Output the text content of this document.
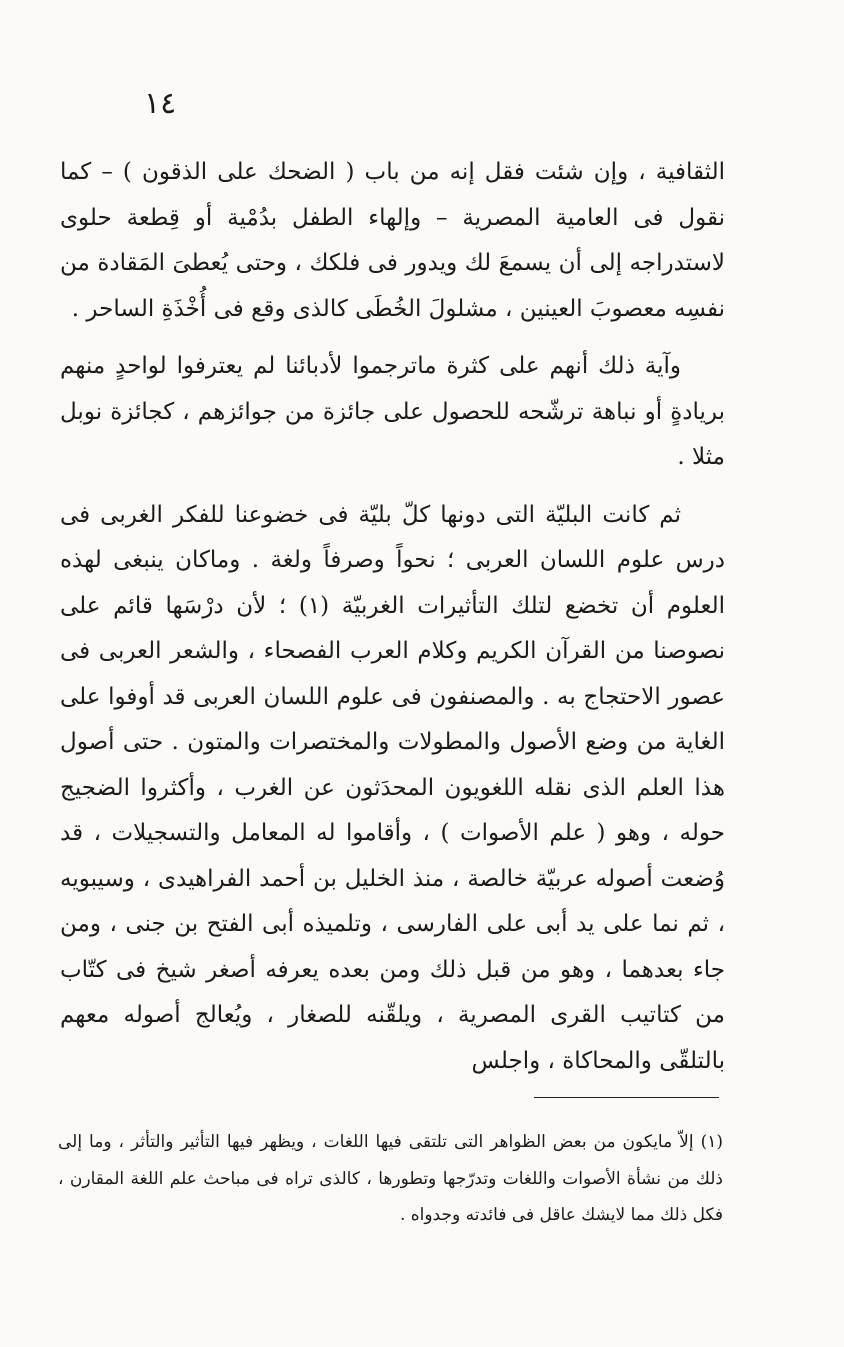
١٤

الثقافية ، وإن شئت فقل إنه من باب ( الضحك على الذقون ) – كما نقول فى العامية المصرية – وإلهاء الطفل بدُمْية أو قِطعة حلوى لاستدراجه إلى أن يسمعَ لك ويدور فى فلكك ، وحتى يُعطىَ المَقادة من نفسِه معصوبَ العينين ، مشلولَ الخُطَى كالذى وقع فى أُخْذَةِ الساحر .

وآية ذلك أنهم على كثرة ماترجموا لأدبائنا لم يعترفوا لواحدٍ منهم بريادةٍ أو نباهة ترشّحه للحصول على جائزة من جوائزهم ، كجائزة نوبل مثلا .

ثم كانت البليّة التى دونها كلّ بليّة فى خضوعنا للفكر الغربى فى درس علوم اللسان العربى ؛ نحواً وصرفاً ولغة . وماكان ينبغى لهذه العلوم أن تخضع لتلك التأثيرات الغربيّة (١) ؛ لأن درْسَها قائم على نصوصنا من القرآن الكريم وكلام العرب الفصحاء ، والشعر العربى فى عصور الاحتجاج به . والمصنفون فى علوم اللسان العربى قد أوفوا على الغاية من وضع الأصول والمطولات والمختصرات والمتون . حتى أصول هذا العلم الذى نقله اللغويون المحدَثون عن الغرب ، وأكثروا الضجيج حوله ، وهو ( علم الأصوات ) ، وأقاموا له المعامل والتسجيلات ، قد وُضعت أصوله عربيّة خالصة ، منذ الخليل بن أحمد الفراهيدى ، وسيبويه ، ثم نما على يد أبى على الفارسى ، وتلميذه أبى الفتح بن جنى ، ومن جاء بعدهما ، وهو من قبل ذلك ومن بعده يعرفه أصغر شيخ فى كتّاب من كتاتيب القرى المصرية ، ويلقّنه للصغار ، ويُعالج أصوله معهم بالتلقّى والمحاكاة ، واجلس

(١) إلاّ مايكون من بعض الظواهر التى تلتقى فيها اللغات ، ويظهر فيها التأثير والتأثر ، وما إلى ذلك من نشأة الأصوات واللغات وتدرّجها وتطورها ، كالذى تراه فى مباحث علم اللغة المقارن ، فكل ذلك مما لايشك عاقل فى فائدته وجدواه .
